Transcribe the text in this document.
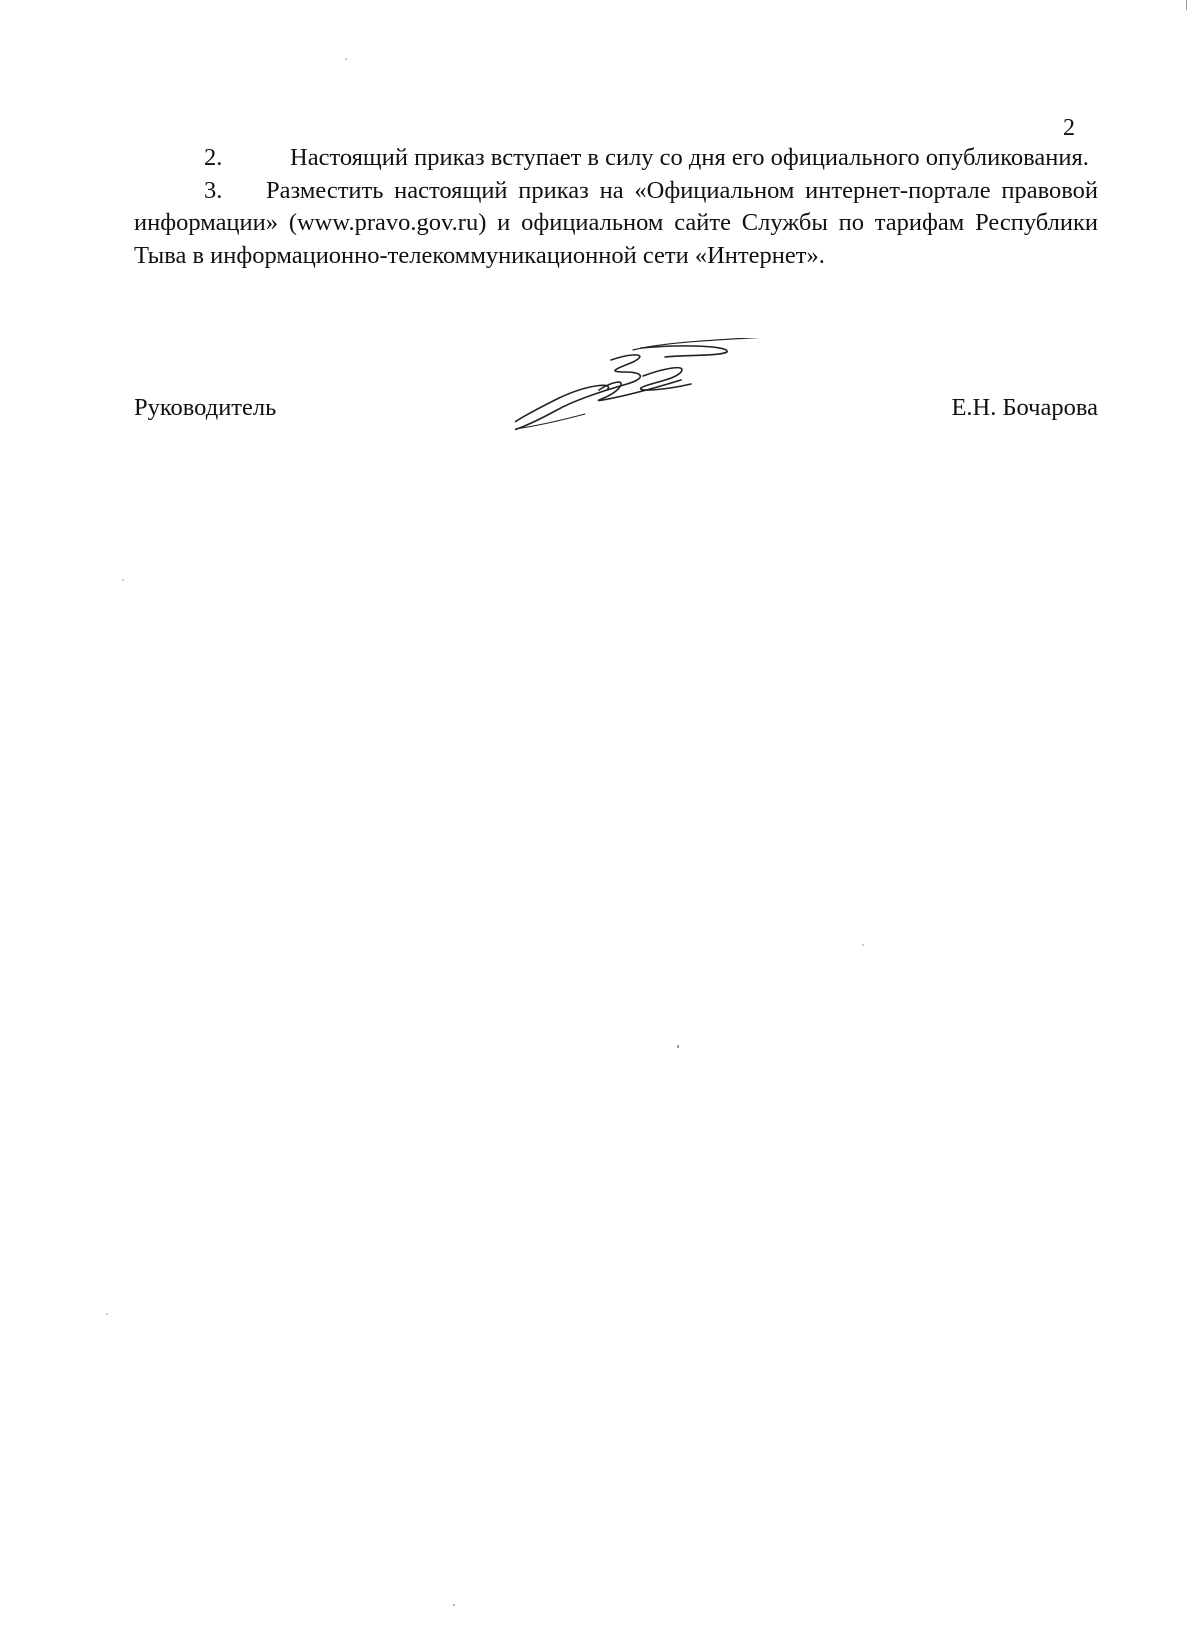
2

2.	Настоящий приказ вступает в силу со дня его официального опубликования.

3. Разместить настоящий приказ на «Официальном интернет-портале правовой информации» (www.pravo.gov.ru) и официальном сайте Службы по тарифам Республики Тыва в информационно-телекоммуникационной сети «Интернет».

Руководитель	Е.Н. Бочарова
